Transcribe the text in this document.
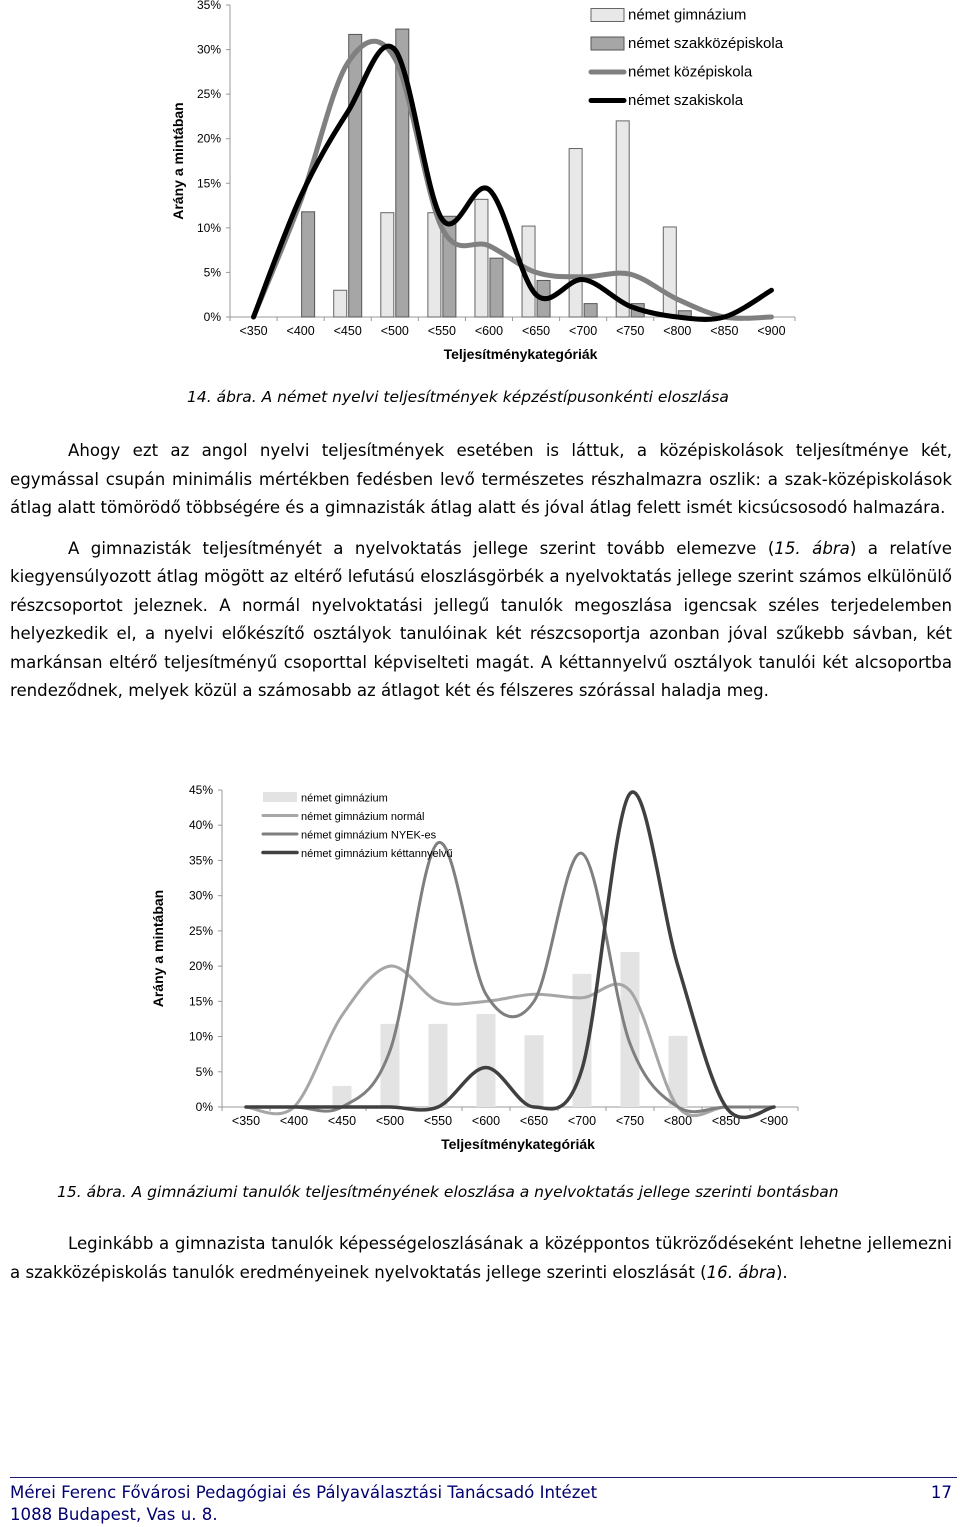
0%
5%
10%
15%
20%
25%
30%
35%
<350 <400 <450 <500 <550 <600 <650 <700 <750 <800 <850 <900
Arány a mintában
Teljesítménykategóriák
német gimnázium
német szakközépiskola
német középiskola
német szakiskola
14. ábra. A német nyelvi teljesítmények képzéstípusonkénti eloszlása

Ahogy ezt az angol nyelvi teljesítmények esetében is láttuk, a középiskolások teljesítménye két, egymással csupán minimális mértékben fedésben levő természetes részhalmazra oszlik: a szak-középiskolások átlag alatt tömörödő többségére és a gimnazisták átlag alatt és jóval átlag felett ismét kicsúcsosodó halmazára.

A gimnazisták teljesítményét a nyelvoktatás jellege szerint tovább elemezve (15. ábra) a relatíve kiegyensúlyozott átlag mögött az eltérő lefutású eloszlásgörbék a nyelvoktatás jellege szerint számos elkülönülő részcsoportot jeleznek. A normál nyelvoktatási jellegű tanulók megoszlása igencsak széles terjedelemben helyezkedik el, a nyelvi előkészítő osztályok tanulóinak két részcsoportja azonban jóval szűkebb sávban, két markánsan eltérő teljesítményű csoporttal képviselteti magát. A kéttannyelvű osztályok tanulói két alcsoportba rendeződnek, melyek közül a számosabb az átlagot két és félszeres szórással haladja meg.

0%
5%
10%
15%
20%
25%
30%
35%
40%
45%
<350 <400 <450 <500 <550 <600 <650 <700 <750 <800 <850 <900
Arány a mintában
Teljesítménykategóriák
német gimnázium
német gimnázium normál
német gimnázium NYEK-es
német gimnázium kéttannyelvű
15. ábra. A gimnáziumi tanulók teljesítményének eloszlása a nyelvoktatás jellege szerinti bontásban

Leginkább a gimnazista tanulók képességeloszlásának a középpontos tükröződéseként lehetne jellemezni a szakközépiskolás tanulók eredményeinek nyelvoktatás jellege szerinti eloszlását (16. ábra).

Mérei Ferenc Fővárosi Pedagógiai és Pályaválasztási Tanácsadó Intézet	17
1088 Budapest, Vas u. 8.
